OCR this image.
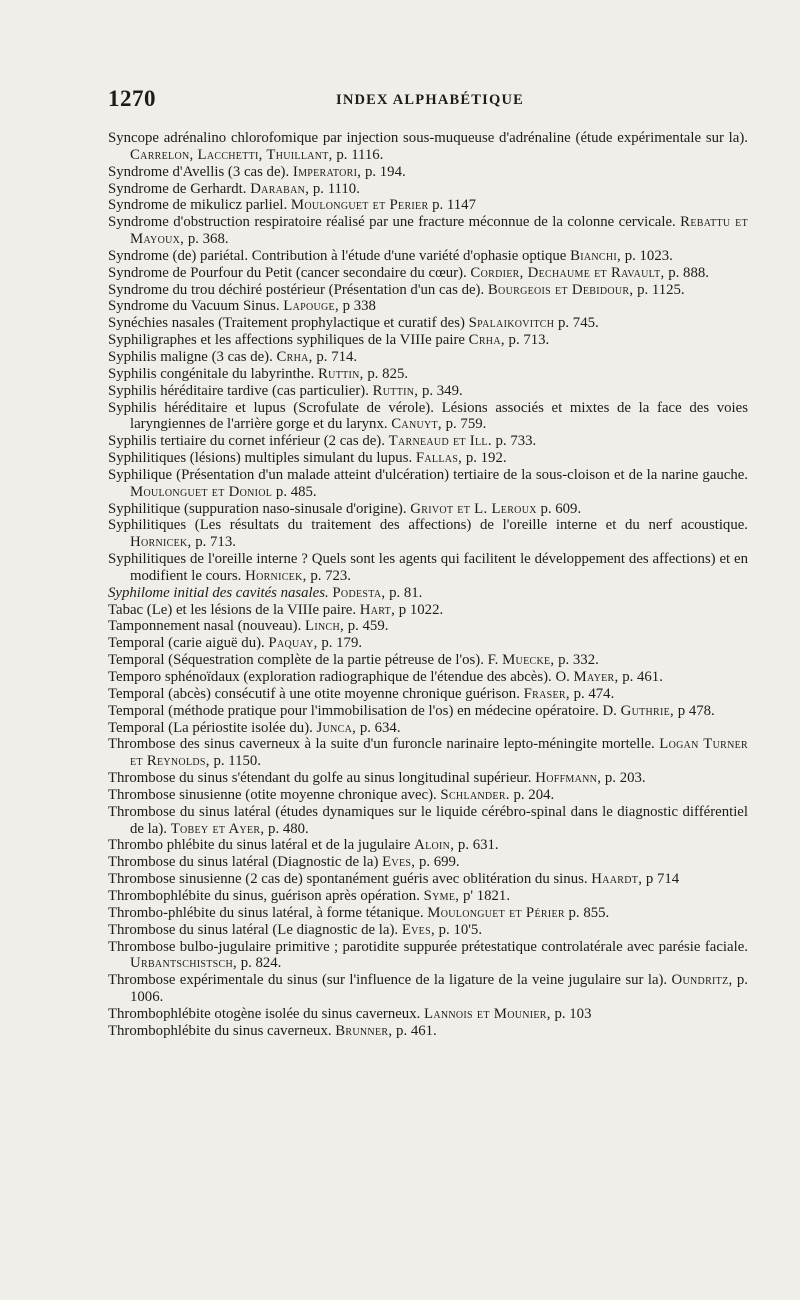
1270	INDEX ALPHABÉTIQUE

Syncope adrénalino chlorofomique par injection sous-muqueuse d'adrénaline (étude expérimentale sur la). Carrelon, Lacchetti, Thuillant, p. 1116.

Syndrome d'Avellis (3 cas de). Imperatori, p. 194.

Syndrome de Gerhardt. Daraban, p. 1110.

Syndrome de mikulicz parliel. Moulonguet et Perier p. 1147

Syndrome d'obstruction respiratoire réalisé par une fracture méconnue de la colonne cervicale. Rebattu et Mayoux, p. 368.

Syndrome (de) pariétal. Contribution à l'étude d'une variété d'ophasie optique Bianchi, p. 1023.

Syndrome de Pourfour du Petit (cancer secondaire du cœur). Cordier, Dechaume et Ravault, p. 888.

Syndrome du trou déchiré postérieur (Présentation d'un cas de). Bourgeois et Debidour, p. 1125.

Syndrome du Vacuum Sinus. Lapouge, p 338

Synéchies nasales (Traitement prophylactique et curatif des) Spalaikovitch p. 745.

Syphiligraphes et les affections syphiliques de la VIIIe paire Crha, p. 713.

Syphilis maligne (3 cas de). Crha, p. 714.

Syphilis congénitale du labyrinthe. Ruttin, p. 825.

Syphilis héréditaire tardive (cas particulier). Ruttin, p. 349.

Syphilis héréditaire et lupus (Scrofulate de vérole). Lésions associés et mixtes de la face des voies laryngiennes de l'arrière gorge et du larynx. Canuyt, p. 759.

Syphilis tertiaire du cornet inférieur (2 cas de). Tarneaud et Ill. p. 733.

Syphilitiques (lésions) multiples simulant du lupus. Fallas, p. 192.

Syphilique (Présentation d'un malade atteint d'ulcération) tertiaire de la sous-cloison et de la narine gauche. Moulonguet et Doniol p. 485.

Syphilitique (suppuration naso-sinusale d'origine). Grivot et L. Leroux p. 609.

Syphilitiques (Les résultats du traitement des affections) de l'oreille interne et du nerf acoustique. Hornicek, p. 713.

Syphilitiques de l'oreille interne ? Quels sont les agents qui facilitent le développement des affections) et en modifient le cours. Hornicek, p. 723.

Syphilome initial des cavités nasales. Podesta, p. 81.

Tabac (Le) et les lésions de la VIIIe paire. Hart, p 1022.

Tamponnement nasal (nouveau). Linch, p. 459.

Temporal (carie aiguë du). Paquay, p. 179.

Temporal (Séquestration complète de la partie pétreuse de l'os). F. Muecke, p. 332.

Temporo sphénoïdaux (exploration radiographique de l'étendue des abcès). O. Mayer, p. 461.

Temporal (abcès) consécutif à une otite moyenne chronique guérison. Fraser, p. 474.

Temporal (méthode pratique pour l'immobilisation de l'os) en médecine opératoire. D. Guthrie, p 478.

Temporal (La périostite isolée du). Junca, p. 634.

Thrombose des sinus caverneux à la suite d'un furoncle narinaire lepto-méningite mortelle. Logan Turner et Reynolds, p. 1150.

Thrombose du sinus s'étendant du golfe au sinus longitudinal supérieur. Hoffmann, p. 203.

Thrombose sinusienne (otite moyenne chronique avec). Schlander. p. 204.

Thrombose du sinus latéral (études dynamiques sur le liquide cérébro-spinal dans le diagnostic différentiel de la). Tobey et Ayer, p. 480.

Thrombo phlébite du sinus latéral et de la jugulaire Aloin, p. 631.

Thrombose du sinus latéral (Diagnostic de la) Eves, p. 699.

Thrombose sinusienne (2 cas de) spontanément guéris avec oblitération du sinus. Haardt, p 714

Thrombophlébite du sinus, guérison après opération. Syme, p' 1821.

Thrombo-phlébite du sinus latéral, à forme tétanique. Moulonguet et Périer p. 855.

Thrombose du sinus latéral (Le diagnostic de la). Eves, p. 10'5.

Thrombose bulbo-jugulaire primitive ; parotidite suppurée prétestatique controlatérale avec parésie faciale. Urbantschistsch, p. 824.

Thrombose expérimentale du sinus (sur l'influence de la ligature de la veine jugulaire sur la). Oundritz, p. 1006.

Thrombophlébite otogène isolée du sinus caverneux. Lannois et Mounier, p. 103

Thrombophlébite du sinus caverneux. Brunner, p. 461.
